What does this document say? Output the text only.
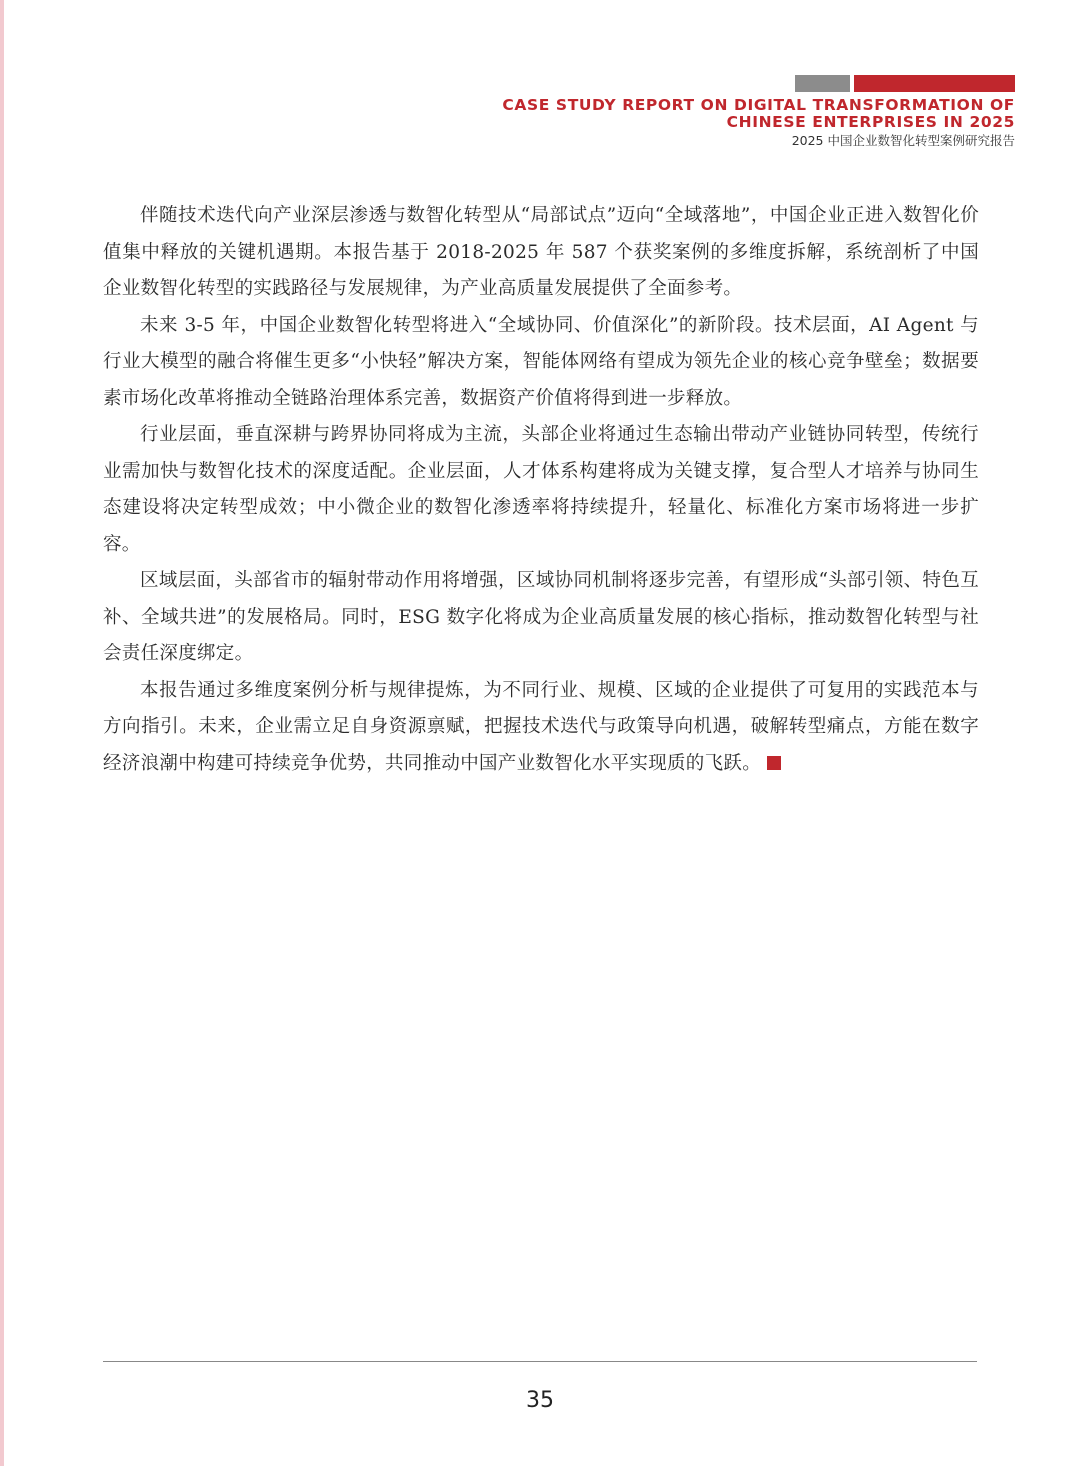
CASE STUDY REPORT ON DIGITAL TRANSFORMATION OF
CHINESE ENTERPRISES IN 2025
2025 中国企业数智化转型案例研究报告

伴随技术迭代向产业深层渗透与数智化转型从“局部试点”迈向“全域落地”，中国企业正进入数智化价值集中释放的关键机遇期。本报告基于 2018-2025 年 587 个获奖案例的多维度拆解，系统剖析了中国企业数智化转型的实践路径与发展规律，为产业高质量发展提供了全面参考。

未来 3-5 年，中国企业数智化转型将进入“全域协同、价值深化”的新阶段。技术层面，AI Agent 与行业大模型的融合将催生更多“小快轻”解决方案，智能体网络有望成为领先企业的核心竞争壁垒；数据要素市场化改革将推动全链路治理体系完善，数据资产价值将得到进一步释放。

行业层面，垂直深耕与跨界协同将成为主流，头部企业将通过生态输出带动产业链协同转型，传统行业需加快与数智化技术的深度适配。企业层面，人才体系构建将成为关键支撑，复合型人才培养与协同生态建设将决定转型成效；中小微企业的数智化渗透率将持续提升，轻量化、标准化方案市场将进一步扩容。

区域层面，头部省市的辐射带动作用将增强，区域协同机制将逐步完善，有望形成“头部引领、特色互补、全域共进”的发展格局。同时，ESG 数字化将成为企业高质量发展的核心指标，推动数智化转型与社会责任深度绑定。

本报告通过多维度案例分析与规律提炼，为不同行业、规模、区域的企业提供了可复用的实践范本与方向指引。未来，企业需立足自身资源禀赋，把握技术迭代与政策导向机遇，破解转型痛点，方能在数字经济浪潮中构建可持续竞争优势，共同推动中国产业数智化水平实现质的飞跃。

35
